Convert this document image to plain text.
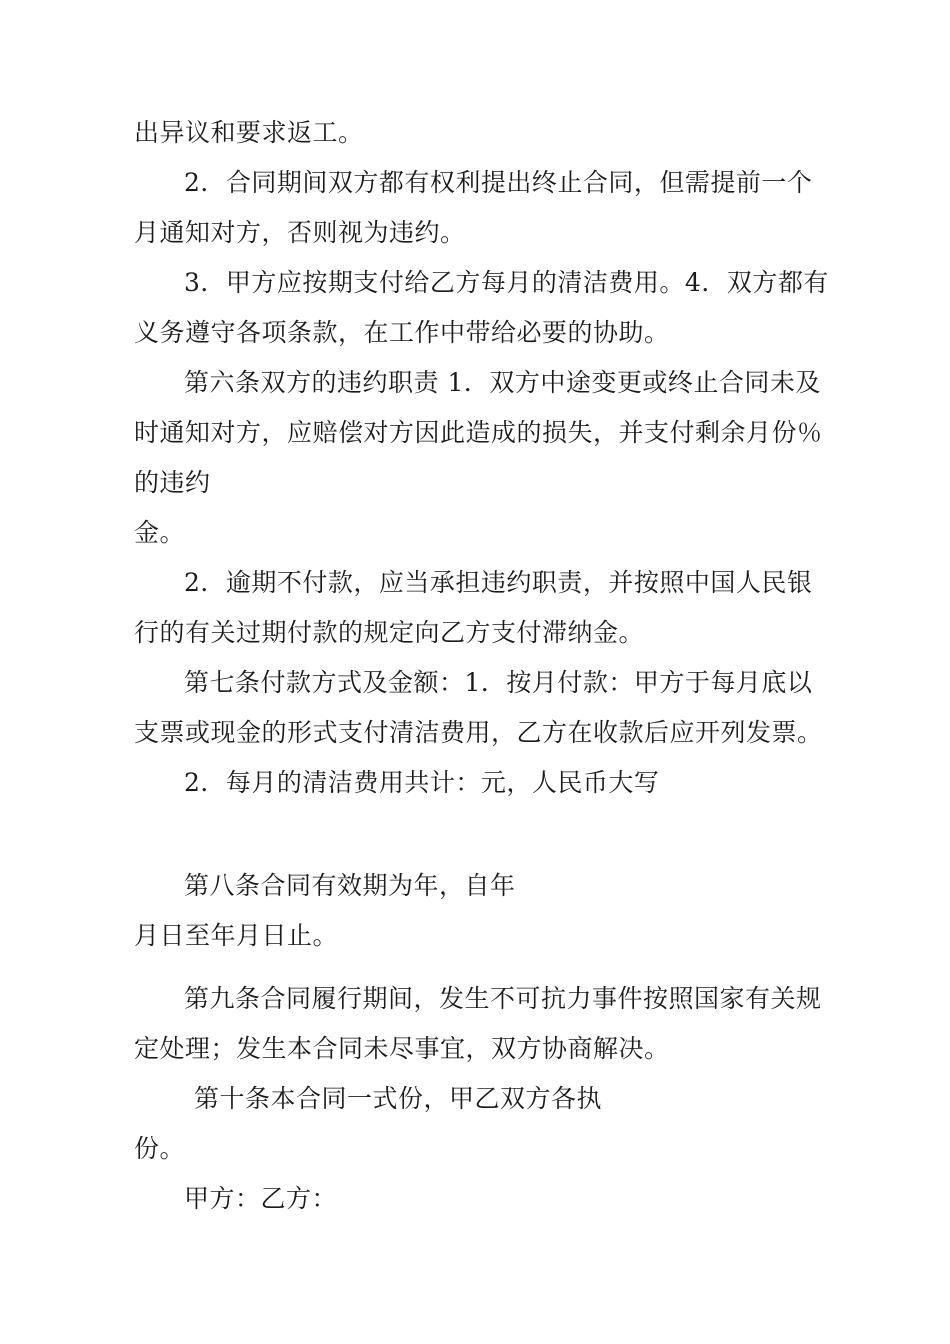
出异议和要求返工。
2．合同期间双方都有权利提出终止合同，但需提前一个
月通知对方，否则视为违约。
3．甲方应按期支付给乙方每月的清洁费用。4．双方都有
义务遵守各项条款，在工作中带给必要的协助。
第六条双方的违约职责 1．双方中途变更或终止合同未及
时通知对方，应赔偿对方因此造成的损失，并支付剩余月份％
的违约
金。
2．逾期不付款，应当承担违约职责，并按照中国人民银
行的有关过期付款的规定向乙方支付滞纳金。
第七条付款方式及金额：1．按月付款：甲方于每月底以
支票或现金的形式支付清洁费用，乙方在收款后应开列发票。
2．每月的清洁费用共计：元，人民币大写
第八条合同有效期为年，自年
月日至年月日止。
第九条合同履行期间，发生不可抗力事件按照国家有关规
定处理；发生本合同未尽事宜，双方协商解决。
第十条本合同一式份，甲乙双方各执
份。
甲方：乙方：
